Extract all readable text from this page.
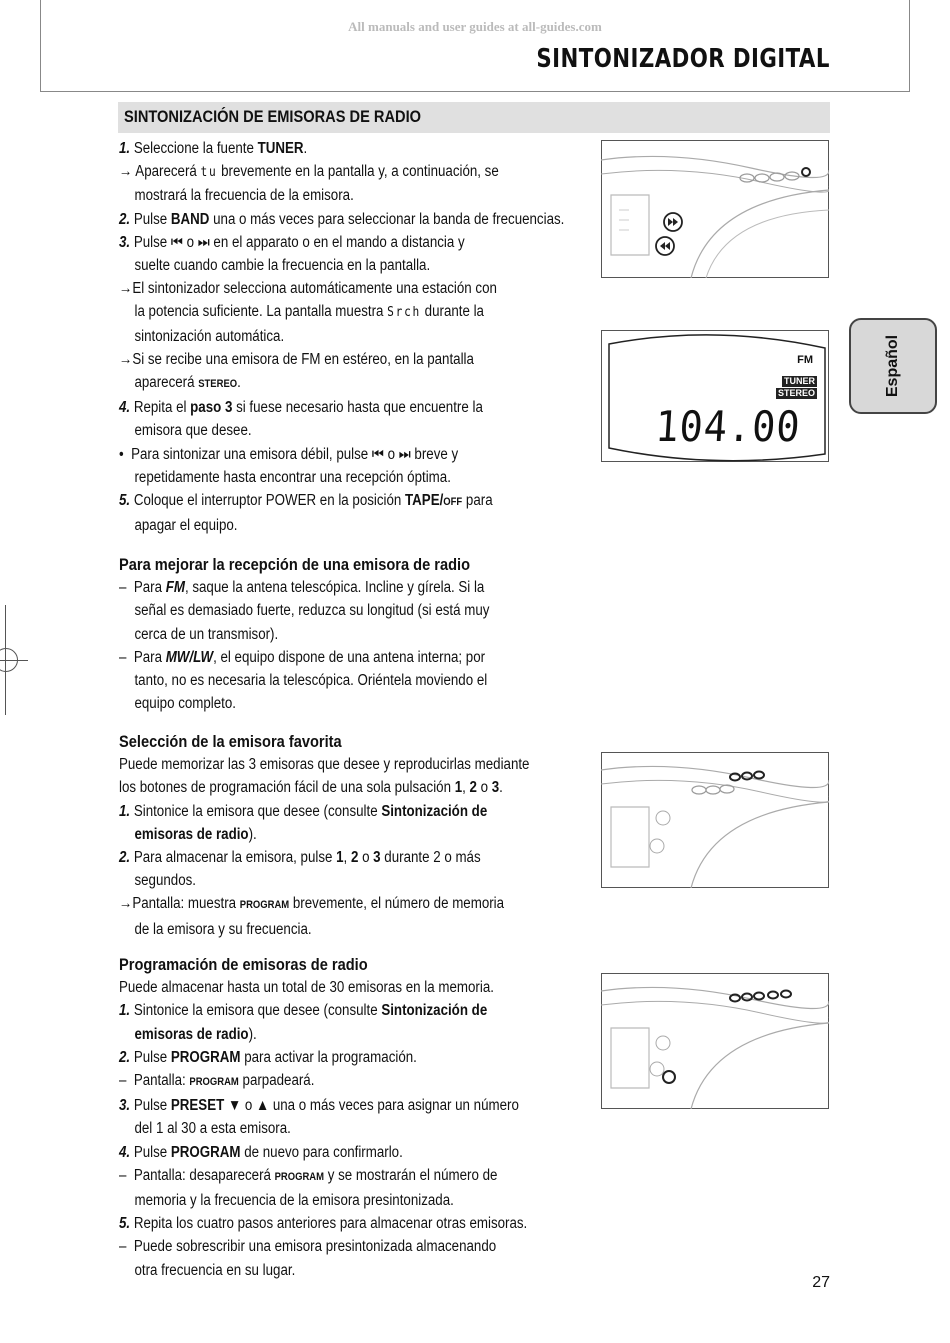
All manuals and user guides at all-guides.com
SINTONIZADOR DIGITAL
SINTONIZACIÓN DE EMISORAS DE RADIO
1. Seleccione la fuente TUNER.
→ Aparecerá tu brevemente en la pantalla y, a continuación, se
mostrará la frecuencia de la emisora.
2. Pulse BAND una o más veces para seleccionar la banda de frecuencias.
3. Pulse ⏮ o ⏭ en el apparato o en el mando a distancia y
suelte cuando cambie la frecuencia en la pantalla.
→El sintonizador selecciona automáticamente una estación con
la potencia suficiente. La pantalla muestra Srch durante la
sintonización automática.
→Si se recibe una emisora de FM en estéreo, en la pantalla
aparecerá STEREO.
4. Repita el paso 3 si fuese necesario hasta que encuentre la
emisora que desee.
• Para sintonizar una emisora débil, pulse ⏮ o ⏭ breve y
repetidamente hasta encontrar una recepción óptima.
5. Coloque el interruptor POWER en la posición TAPE/OFF para
apagar el equipo.
Para mejorar la recepción de una emisora de radio
–  Para FM, saque la antena telescópica. Incline y gírela. Si la
señal es demasiado fuerte, reduzca su longitud (si está muy
cerca de un transmisor).
–  Para MW/LW, el equipo dispone de una antena interna; por
tanto, no es necesaria la telescópica. Oriéntela moviendo el
equipo completo.
Selección de la emisora favorita
Puede memorizar las 3 emisoras que desee y reproducirlas mediante
los botones de programación fácil de una sola pulsación 1, 2 o 3.
1. Sintonice la emisora que desee (consulte Sintonización de
emisoras de radio).
2. Para almacenar la emisora, pulse 1, 2 o 3 durante 2 o más
segundos.
→Pantalla: muestra PROGRAM brevemente, el número de memoria
de la emisora y su frecuencia.
Programación de emisoras de radio
Puede almacenar hasta un total de 30 emisoras en la memoria.
1. Sintonice la emisora que desee (consulte Sintonización de
emisoras de radio).
2. Pulse PROGRAM para activar la programación.
–  Pantalla: PROGRAM parpadeará.
3. Pulse PRESET ▼ o ▲ una o más veces para asignar un número
del 1 al 30 a esta emisora.
4. Pulse PROGRAM de nuevo para confirmarlo.
–  Pantalla: desaparecerá PROGRAM y se mostrarán el número de
memoria y la frecuencia de la emisora presintonizada.
5. Repita los cuatro pasos anteriores para almacenar otras emisoras.
–  Puede sobrescribir una emisora presintonizada almacenando
otra frecuencia en su lugar.
Español
FM
TUNER
STEREO
104.00
27
